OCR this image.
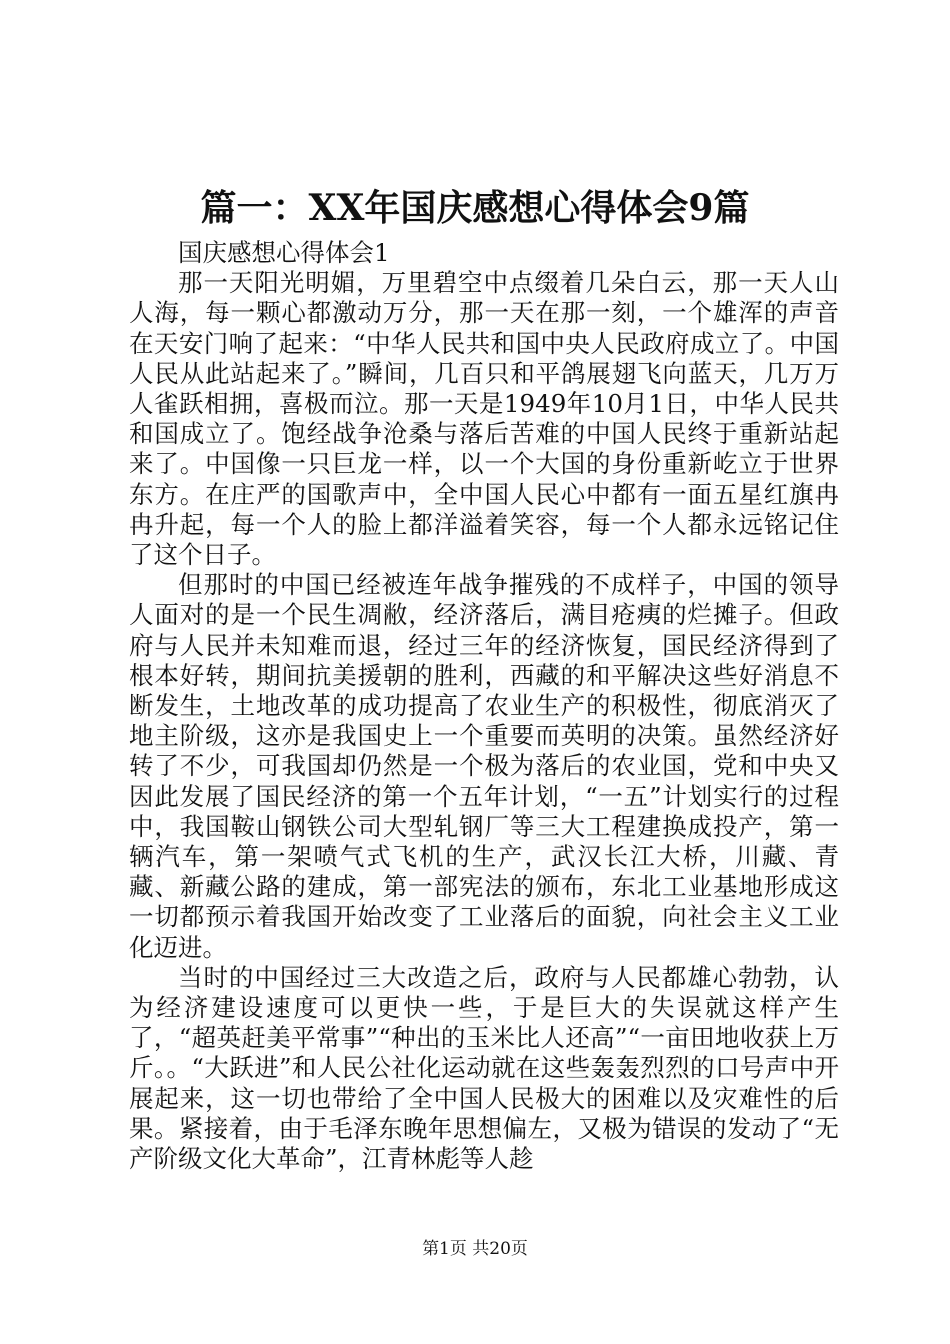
篇一：XX年国庆感想心得体会9篇

国庆感想心得体会1

那一天阳光明媚，万里碧空中点缀着几朵白云，那一天人山人海，每一颗心都激动万分，那一天在那一刻，一个雄浑的声音在天安门响了起来：“中华人民共和国中央人民政府成立了。中国人民从此站起来了。”瞬间，几百只和平鸽展翅飞向蓝天，几万万人雀跃相拥，喜极而泣。那一天是1949年10月1日，中华人民共和国成立了。饱经战争沧桑与落后苦难的中国人民终于重新站起来了。中国像一只巨龙一样，以一个大国的身份重新屹立于世界东方。在庄严的国歌声中，全中国人民心中都有一面五星红旗冉冉升起，每一个人的脸上都洋溢着笑容，每一个人都永远铭记住了这个日子。

但那时的中国已经被连年战争摧残的不成样子，中国的领导人面对的是一个民生凋敝，经济落后，满目疮痍的烂摊子。但政府与人民并未知难而退，经过三年的经济恢复，国民经济得到了根本好转，期间抗美援朝的胜利，西藏的和平解决这些好消息不断发生，土地改革的成功提高了农业生产的积极性，彻底消灭了地主阶级，这亦是我国史上一个重要而英明的决策。虽然经济好转了不少，可我国却仍然是一个极为落后的农业国，党和中央又因此发展了国民经济的第一个五年计划，“一五”计划实行的过程中，我国鞍山钢铁公司大型轧钢厂等三大工程建换成投产，第一辆汽车，第一架喷气式飞机的生产，武汉长江大桥，川藏、青藏、新藏公路的建成，第一部宪法的颁布，东北工业基地形成这一切都预示着我国开始改变了工业落后的面貌，向社会主义工业化迈进。

当时的中国经过三大改造之后，政府与人民都雄心勃勃，认为经济建设速度可以更快一些，于是巨大的失误就这样产生了，“超英赶美平常事”“种出的玉米比人还高”“一亩田地收获上万斤。。“大跃进”和人民公社化运动就在这些轰轰烈烈的口号声中开展起来，这一切也带给了全中国人民极大的困难以及灾难性的后果。紧接着，由于毛泽东晚年思想偏左，又极为错误的发动了“无产阶级文化大革命”，江青林彪等人趁

第1页 共20页
